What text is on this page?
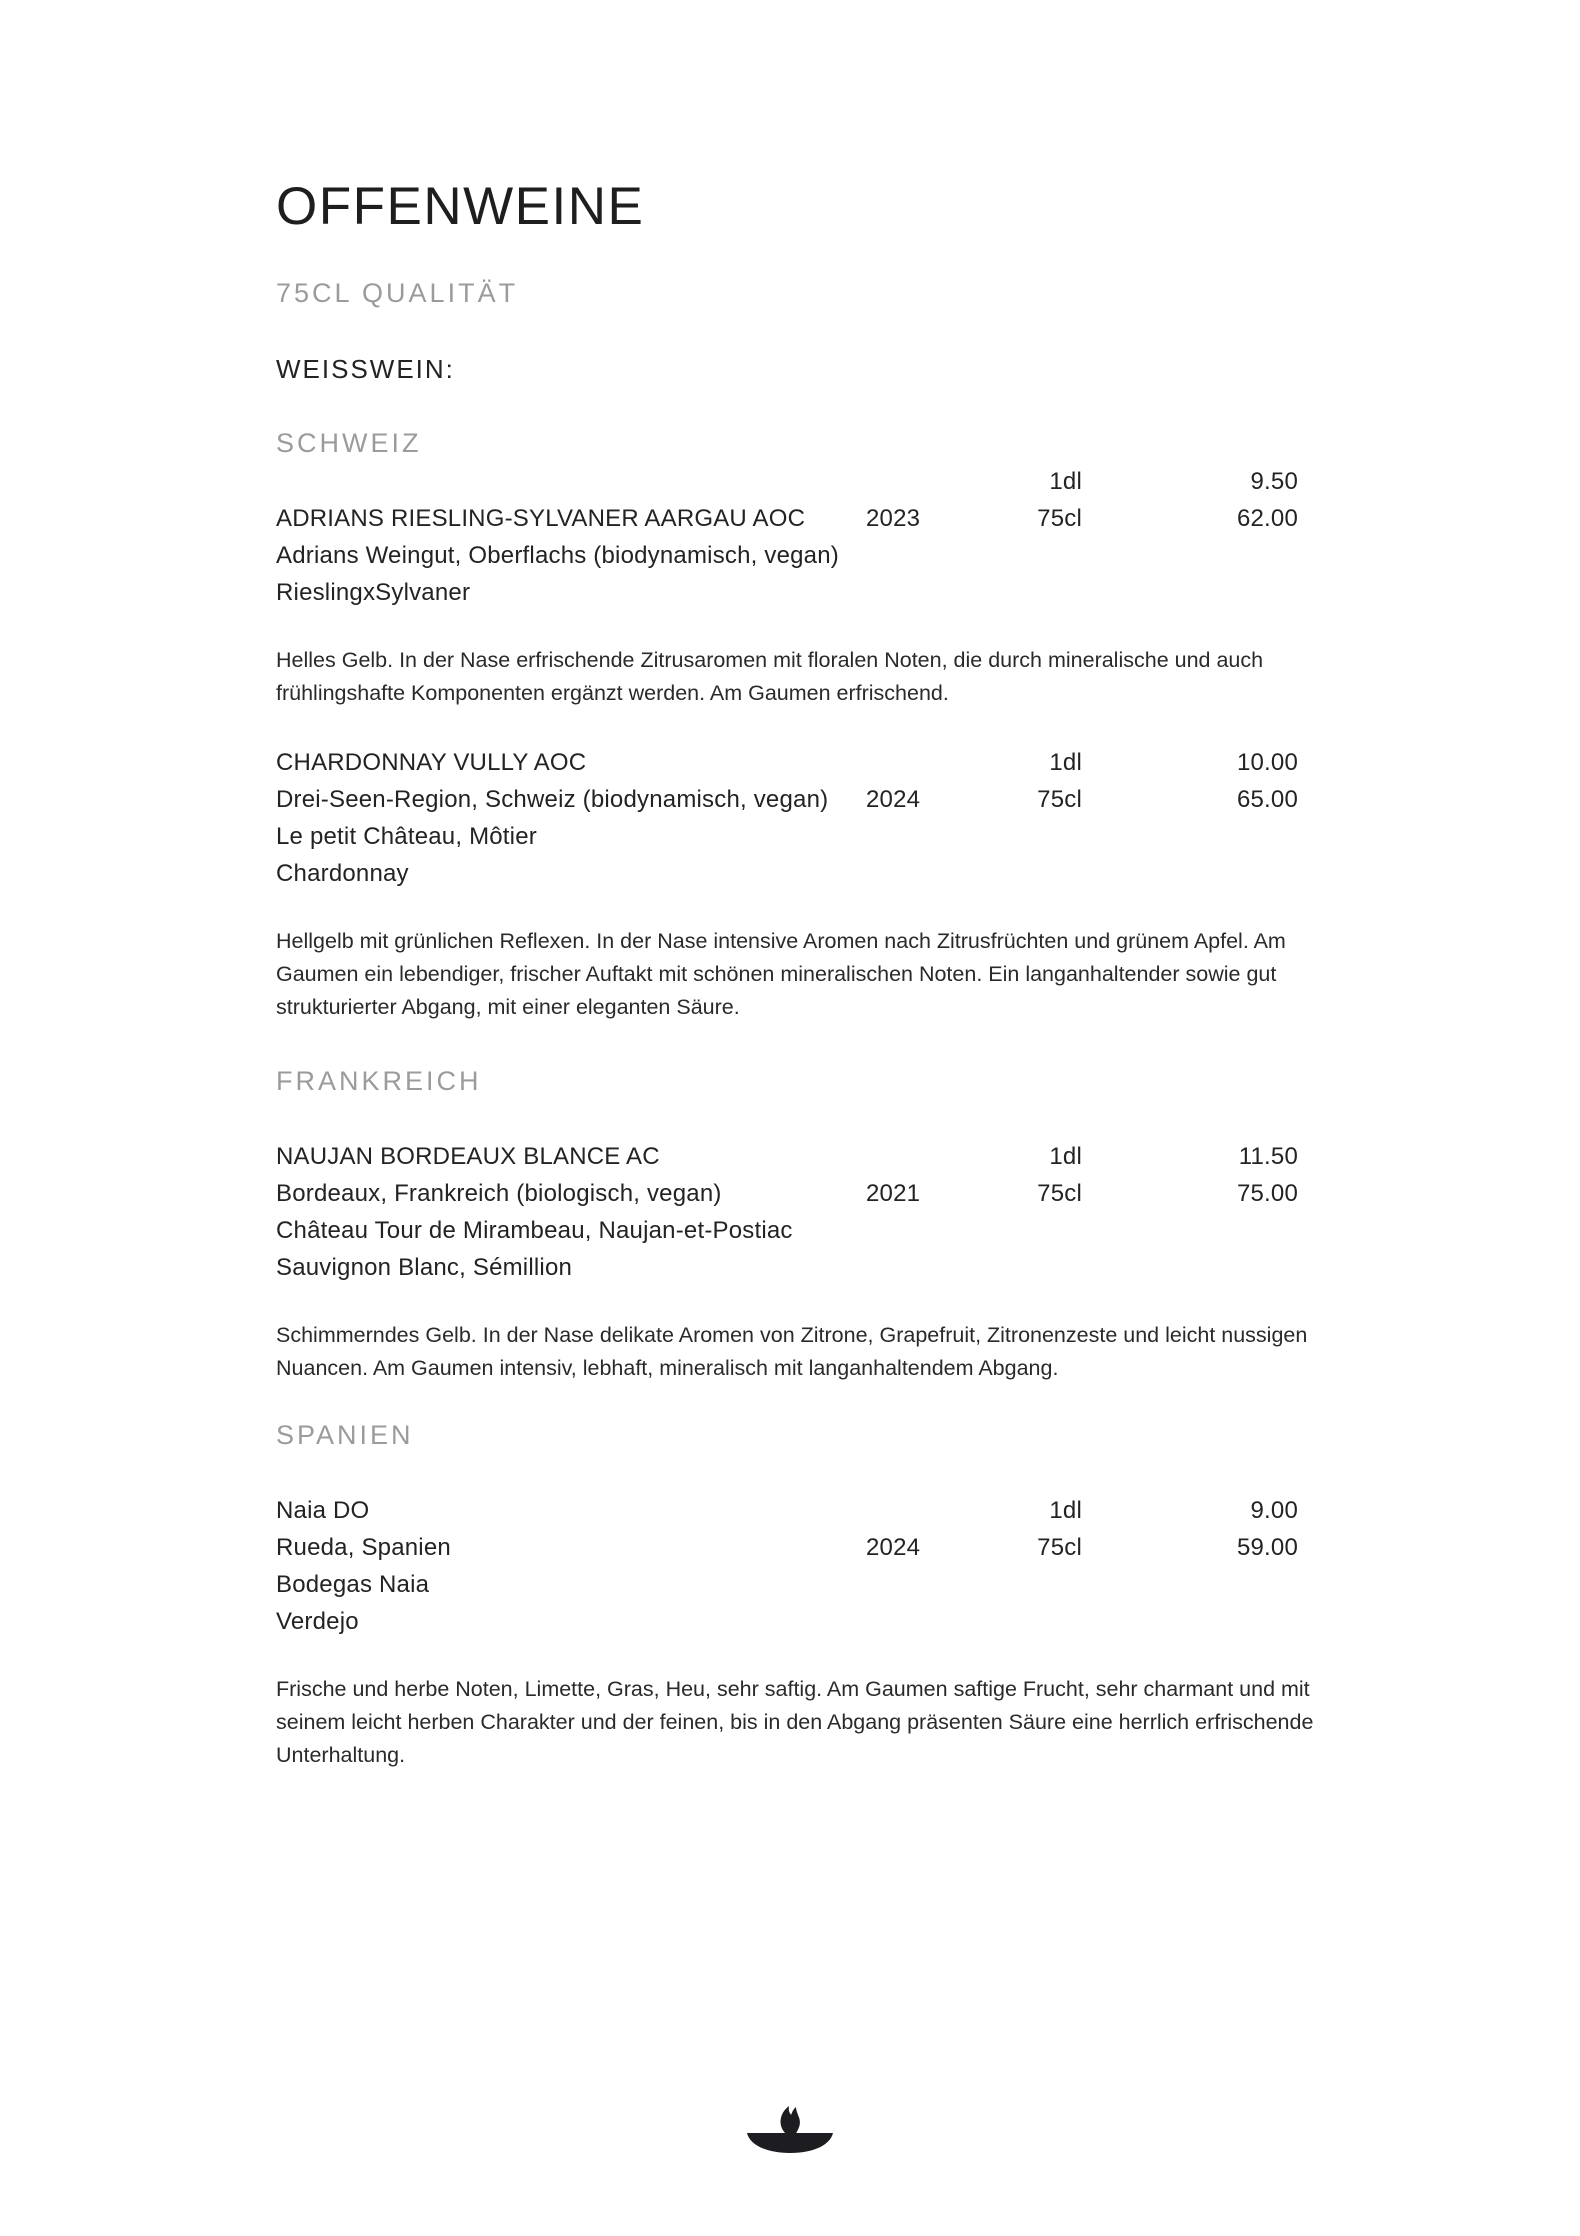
OFFENWEINE
75CL QUALITÄT
WEISSWEIN:
SCHWEIZ
1dl	9.50
ADRIANS RIESLING-SYLVANER AARGAU AOC	2023	75cl	62.00
Adrians Weingut, Oberflachs (biodynamisch, vegan)
RieslingxSylvaner
Helles Gelb. In der Nase erfrischende Zitrusaromen mit floralen Noten, die durch mineralische und auch
frühlingshafte Komponenten ergänzt werden. Am Gaumen erfrischend.
CHARDONNAY VULLY AOC	1dl	10.00
Drei-Seen-Region, Schweiz (biodynamisch, vegan)	2024	75cl	65.00
Le petit Château, Môtier
Chardonnay
Hellgelb mit grünlichen Reflexen. In der Nase intensive Aromen nach Zitrusfrüchten und grünem Apfel. Am
Gaumen ein lebendiger, frischer Auftakt mit schönen mineralischen Noten. Ein langanhaltender sowie gut
strukturierter Abgang, mit einer eleganten Säure.
FRANKREICH
NAUJAN BORDEAUX BLANCE AC	1dl	11.50
Bordeaux, Frankreich (biologisch, vegan)	2021	75cl	75.00
Château Tour de Mirambeau, Naujan-et-Postiac
Sauvignon Blanc, Sémillion
Schimmerndes Gelb. In der Nase delikate Aromen von Zitrone, Grapefruit, Zitronenzeste und leicht nussigen
Nuancen. Am Gaumen intensiv, lebhaft, mineralisch mit langanhaltendem Abgang.
SPANIEN
Naia DO	1dl	9.00
Rueda, Spanien	2024	75cl	59.00
Bodegas Naia
Verdejo
Frische und herbe Noten, Limette, Gras, Heu, sehr saftig. Am Gaumen saftige Frucht, sehr charmant und mit
seinem leicht herben Charakter und der feinen, bis in den Abgang präsenten Säure eine herrlich erfrischende
Unterhaltung.
